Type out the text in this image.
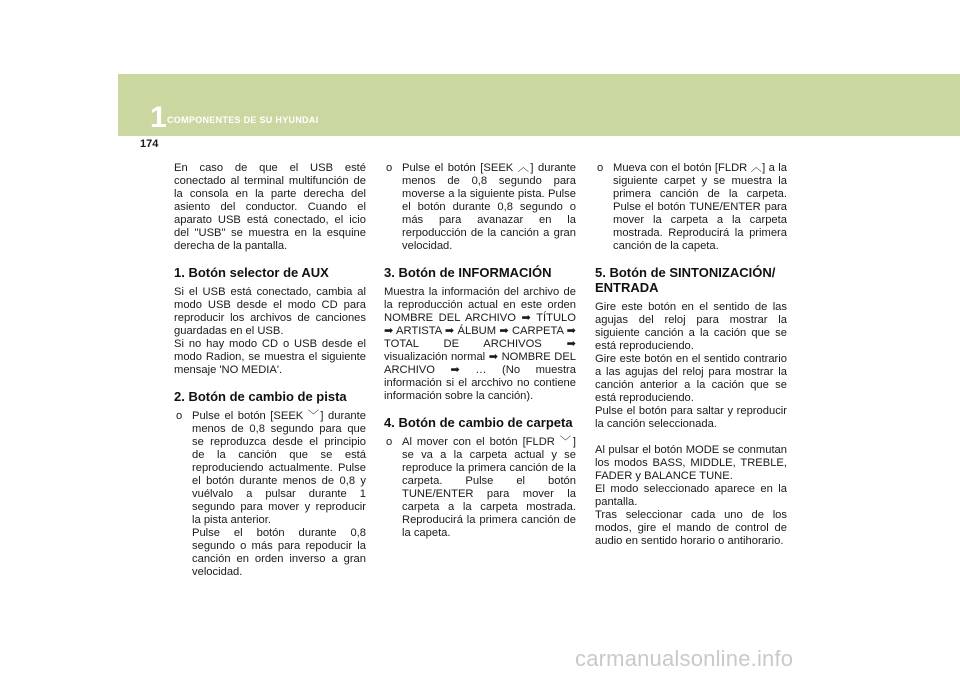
1 COMPONENTES DE SU HYUNDAI
174

En caso de que el USB esté conectado al terminal multifunción de la consola en la parte derecha del asiento del conductor. Cuando el aparato USB está conectado, el icio del "USB" se muestra en la esquine derecha de la pantalla.

1. Botón selector de AUX

Si el USB está conectado, cambia al modo USB desde el modo CD para reproducir los archivos de canciones guardadas en el USB.

Si no hay modo CD o USB desde el modo Radion, se muestra el siguiente mensaje 'NO MEDIA'.

2. Botón de cambio de pista
o Pulse el botón [SEEK ﹀] durante menos de 0,8 segundo para que se reproduzca desde el principio de la canción que se está reproduciendo actualmente. Pulse el botón durante menos de 0,8 y vuélvalo a pulsar durante 1 segundo para mover y reproducir la pista anterior.

Pulse el botón durante 0,8 segundo o más para repoducir la canción en orden inverso a gran velocidad.

o Pulse el botón [SEEK ︿] durante menos de 0,8 segundo para moverse a la siguiente pista. Pulse el botón durante 0,8 segundo o más para avanazar en la rerpoducción de la canción a gran velocidad.

3. Botón de INFORMACIÓN

Muestra la información del archivo de la reproducción actual en este orden NOMBRE DEL ARCHIVO ➡ TÍTULO ➡ ARTISTA ➡ ÁLBUM ➡ CARPETA ➡ TOTAL DE ARCHIVOS ➡ visualización normal ➡ NOMBRE DEL ARCHIVO ➡ … (No muestra información si el arcchivo no contiene información sobre la canción).

4. Botón de cambio de carpeta
o Al mover con el botón [FLDR ﹀] se va a la carpeta actual y se reproduce la primera canción de la carpeta. Pulse el botón TUNE/ENTER para mover la carpeta a la carpeta mostrada. Reproducirá la primera canción de la capeta.

o Mueva con el botón [FLDR ︿] a la siguiente carpet y se muestra la primera canción de la carpeta. Pulse el botón TUNE/ENTER para mover la carpeta a la carpeta mostrada. Reproducirá la primera canción de la capeta.

5. Botón de SINTONIZACIÓN/ ENTRADA

Gire este botón en el sentido de las agujas del reloj para mostrar la siguiente canción a la cación que se está reproduciendo.

Gire este botón en el sentido contrario a las agujas del reloj para mostrar la canción anterior a la cación que se está reproduciendo.

Pulse el botón para saltar y reproducir la canción seleccionada.

Al pulsar el botón MODE se conmutan los modos BASS, MIDDLE, TREBLE, FADER y BALANCE TUNE.

El modo seleccionado aparece en la pantalla.

Tras seleccionar cada uno de los modos, gire el mando de control de audio en sentido horario o antihorario.

carmanualsonline.info
